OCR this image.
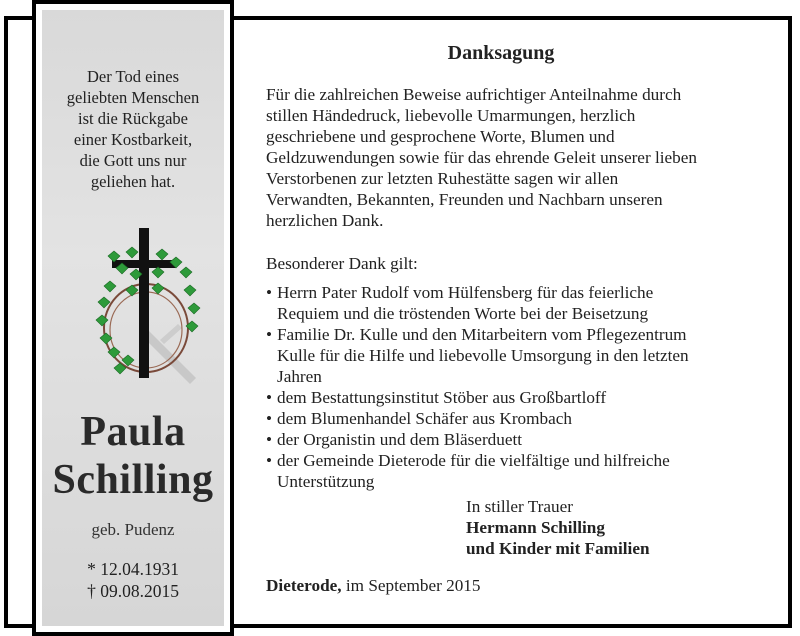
Der Tod eines
geliebten Menschen
ist die Rückgabe
einer Kostbarkeit,
die Gott uns nur
geliehen hat.
Paula
Schilling
geb. Pudenz
* 12.04.1931
† 09.08.2015
Danksagung
Für die zahlreichen Beweise aufrichtiger Anteilnahme durch
stillen Händedruck, liebevolle Umarmungen, herzlich
geschriebene und gesprochene Worte, Blumen und
Geldzuwendungen sowie für das ehrende Geleit unserer lieben
Verstorbenen zur letzten Ruhestätte sagen wir allen
Verwandten, Bekannten, Freunden und Nachbarn unseren
herzlichen Dank.
Besonderer Dank gilt:
• Herrn Pater Rudolf vom Hülfensberg für das feierliche
Requiem und die tröstenden Worte bei der Beisetzung
• Familie Dr. Kulle und den Mitarbeitern vom Pflegezentrum
Kulle für die Hilfe und liebevolle Umsorgung in den letzten
Jahren
• dem Bestattungsinstitut Stöber aus Großbartloff
• dem Blumenhandel Schäfer aus Krombach
• der Organistin und dem Bläserduett
• der Gemeinde Dieterode für die vielfältige und hilfreiche
Unterstützung
In stiller Trauer
Hermann Schilling
und Kinder mit Familien
Dieterode, im September 2015
